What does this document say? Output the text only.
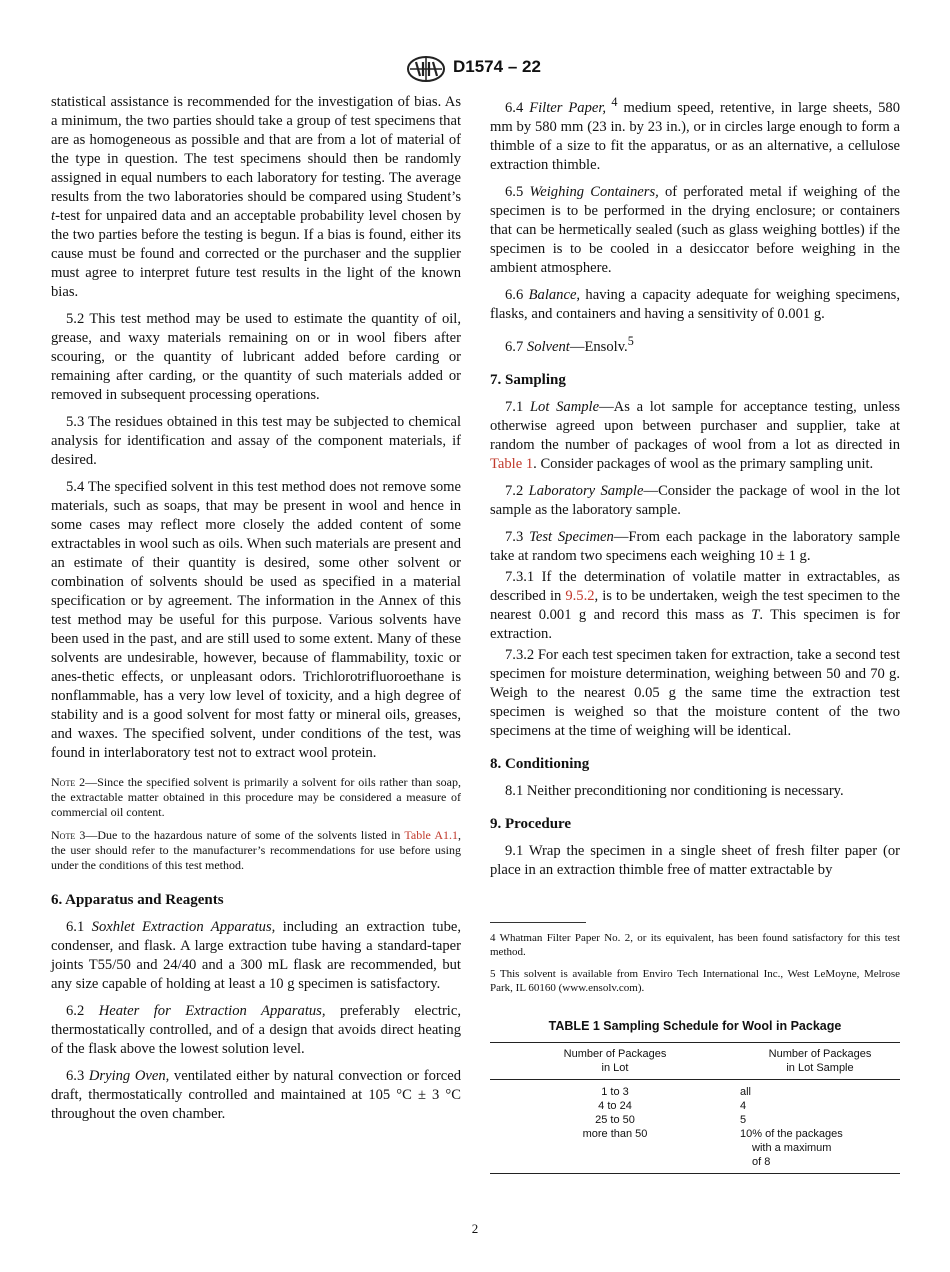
D1574 – 22

statistical assistance is recommended for the investigation of bias. As a minimum, the two parties should take a group of test specimens that are as homogeneous as possible and that are from a lot of material of the type in question. The test specimens should then be randomly assigned in equal numbers to each laboratory for testing. The average results from the two laboratories should be compared using Student’s t-test for unpaired data and an acceptable probability level chosen by the two parties before the testing is begun. If a bias is found, either its cause must be found and corrected or the purchaser and the supplier must agree to interpret future test results in the light of the known bias.

5.2 This test method may be used to estimate the quantity of oil, grease, and waxy materials remaining on or in wool fibers after scouring, or the quantity of lubricant added before carding or remaining after carding, or the quantity of such materials added or removed in subsequent processing operations.

5.3 The residues obtained in this test may be subjected to chemical analysis for identification and assay of the component materials, if desired.

5.4 The specified solvent in this test method does not remove some materials, such as soaps, that may be present in wool and hence in some cases may reflect more closely the added content of some extractables in wool such as oils. When such materials are present and an estimate of their quantity is desired, some other solvent or combination of solvents should be used as specified in a material specification or by agreement. The information in the Annex of this test method may be useful for this purpose. Various solvents have been used in the past, and are still used to some extent. Many of these solvents are undesirable, however, because of flammability, toxic or anes-thetic effects, or unpleasant odors. Trichlorotrifluoroethane is nonflammable, has a very low level of toxicity, and a high degree of stability and is a good solvent for most fatty or mineral oils, greases, and waxes. The specified solvent, under conditions of the test, was found in interlaboratory test not to extract wool protein.

Note 2—Since the specified solvent is primarily a solvent for oils rather than soap, the extractable matter obtained in this procedure may be considered a measure of commercial oil content.

Note 3—Due to the hazardous nature of some of the solvents listed in Table A1.1, the user should refer to the manufacturer’s recommendations for use before using under the conditions of this test method.

6. Apparatus and Reagents

6.1 Soxhlet Extraction Apparatus, including an extraction tube, condenser, and flask. A large extraction tube having a standard-taper joints T55/50 and 24/40 and a 300 mL flask are recommended, but any size capable of holding at least a 10 g specimen is satisfactory.

6.2 Heater for Extraction Apparatus, preferably electric, thermostatically controlled, and of a design that avoids direct heating of the flask above the lowest solution level.

6.3 Drying Oven, ventilated either by natural convection or forced draft, thermostatically controlled and maintained at 105 °C ± 3 °C throughout the oven chamber.

6.4 Filter Paper, $^4$ medium speed, retentive, in large sheets, 580 mm by 580 mm (23 in. by 23 in.), or in circles large enough to form a thimble of a size to fit the apparatus, or as an alternative, a cellulose extraction thimble.

6.5 Weighing Containers, of perforated metal if weighing of the specimen is to be performed in the drying enclosure; or containers that can be hermetically sealed (such as glass weighing bottles) if the specimen is to be cooled in a desiccator before weighing in the ambient atmosphere.

6.6 Balance, having a capacity adequate for weighing specimens, flasks, and containers and having a sensitivity of 0.001 g.

6.7 Solvent—Ensolv.$^5$

7. Sampling

7.1 Lot Sample—As a lot sample for acceptance testing, unless otherwise agreed upon between purchaser and supplier, take at random the number of packages of wool from a lot as directed in Table 1. Consider packages of wool as the primary sampling unit.

7.2 Laboratory Sample—Consider the package of wool in the lot sample as the laboratory sample.

7.3 Test Specimen—From each package in the laboratory sample take at random two specimens each weighing 10 ± 1 g.

7.3.1 If the determination of volatile matter in extractables, as described in 9.5.2, is to be undertaken, weigh the test specimen to the nearest 0.001 g and record this mass as T. This specimen is for extraction.

7.3.2 For each test specimen taken for extraction, take a second test specimen for moisture determination, weighing between 50 and 70 g. Weigh to the nearest 0.05 g the same time the extraction test specimen is weighed so that the moisture content of the two specimens at the time of weighing will be identical.

8. Conditioning

8.1 Neither preconditioning nor conditioning is necessary.

9. Procedure

9.1 Wrap the specimen in a single sheet of fresh filter paper (or place in an extraction thimble free of matter extractable by

4 Whatman Filter Paper No. 2, or its equivalent, has been found satisfactory for this test method.

5 This solvent is available from Enviro Tech International Inc., West LeMoyne, Melrose Park, IL 60160 (www.ensolv.com).

TABLE 1 Sampling Schedule for Wool in Package
Number of Packages
in Lot	Number of Packages
in Lot Sample

1 to 3	all
4 to 24	4
25 to 50	5
more than 50	10% of the packages
	with a maximum
	of 8
2
